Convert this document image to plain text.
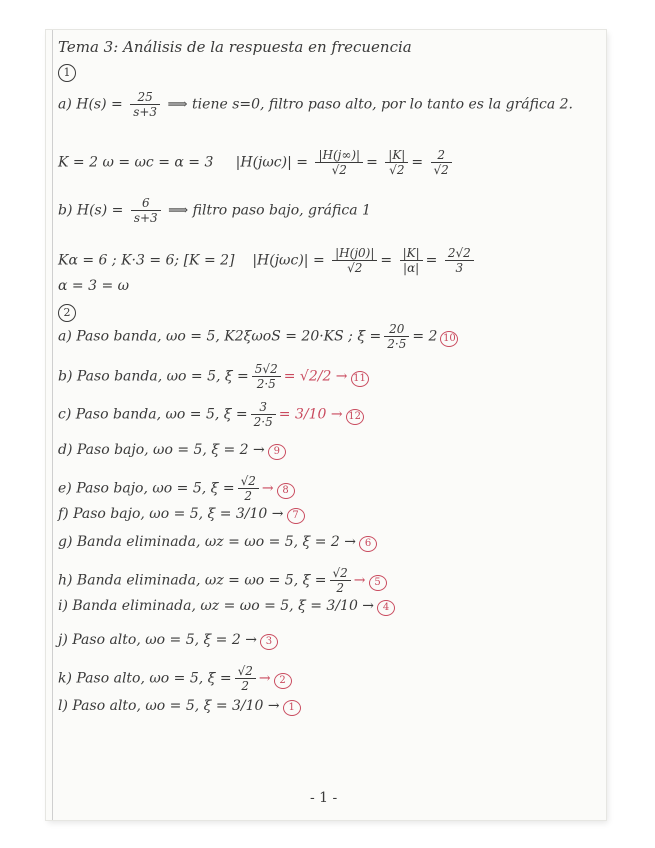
Tema 3: Análisis de la respuesta en frecuencia
1
a) $H(s) = \frac{25}{s+3}$ ⟹ tiene s=0, filtro paso alto, por lo tanto es la gráfica 2.
K = 2 ω = ωc = α = 3 $|H(j\omega c)| = \frac{|H(j\infty)|}{√2} = \frac{|K|}{√2} = \frac{2}{√2}$
b) $H(s) = \frac{6}{s+3}$ ⟹ filtro paso bajo, gráfica 1
Kα = 6 ; K·3 = 6; [K = 2] $|H(j\omega c)| = \frac{|H(j0)|}{√2} = \frac{|K|}{|\alpha|} = \frac{2√2}{3}$
α = 3 = ω
2
a) Paso banda, ωo = 5, K2ξωoS = 20·KS ; $\xi = \frac{20}{2\cdot 5} = 2$ 10
b) Paso banda, ωo = 5, $\xi = \frac{5√2}{2\cdot 5} = √2/2 \to 11$
c) Paso banda, ωo = 5, $\xi = \frac{3}{2\cdot 5} = 3/10 \to 12$
d) Paso bajo, ωo = 5, ξ = 2 → 9
e) Paso bajo, ωo = 5, $\xi = \frac{√2}{2} \to 8$
f) Paso bajo, ωo = 5, ξ = 3/10 → 7
g) Banda eliminada, ωz = ωo = 5, ξ = 2 → 6
h) Banda eliminada, ωz = ωo = 5, $\xi = \frac{√2}{2} \to 5$
i) Banda eliminada, ωz = ωo = 5, ξ = 3/10 → 4
j) Paso alto, ωo = 5, ξ = 2 → 3
k) Paso alto, ωo = 5, $\xi = \frac{√2}{2} \to 2$
l) Paso alto, ωo = 5, ξ = 3/10 → 1
- 1 -
